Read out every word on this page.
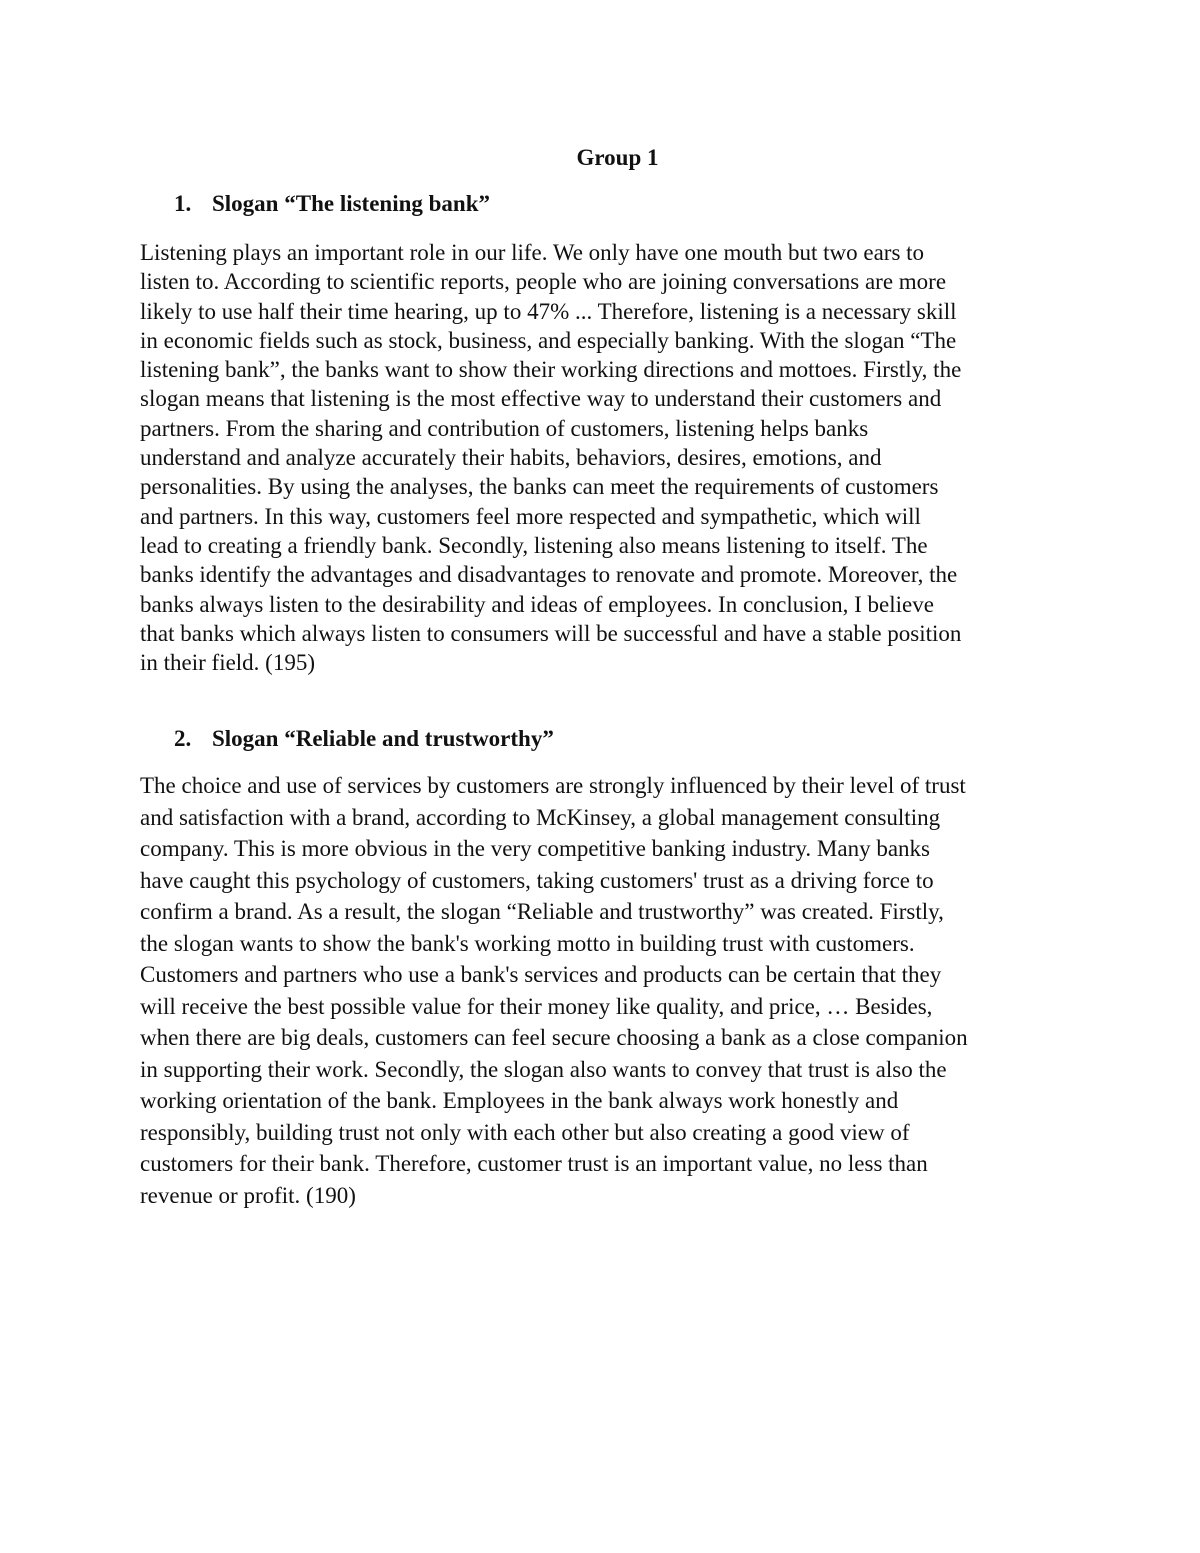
Group 1
1. Slogan “The listening bank”
Listening plays an important role in our life. We only have one mouth but two ears to
listen to. According to scientific reports, people who are joining conversations are more
likely to use half their time hearing, up to 47% ... Therefore, listening is a necessary skill
in economic fields such as stock, business, and especially banking. With the slogan “The
listening bank”, the banks want to show their working directions and mottoes. Firstly, the
slogan means that listening is the most effective way to understand their customers and
partners. From the sharing and contribution of customers, listening helps banks
understand and analyze accurately their habits, behaviors, desires, emotions, and
personalities. By using the analyses, the banks can meet the requirements of customers
and partners. In this way, customers feel more respected and sympathetic, which will
lead to creating a friendly bank. Secondly, listening also means listening to itself. The
banks identify the advantages and disadvantages to renovate and promote. Moreover, the
banks always listen to the desirability and ideas of employees. In conclusion, I believe
that banks which always listen to consumers will be successful and have a stable position
in their field. (195)
2. Slogan “Reliable and trustworthy”
The choice and use of services by customers are strongly influenced by their level of trust
and satisfaction with a brand, according to McKinsey, a global management consulting
company. This is more obvious in the very competitive banking industry. Many banks
have caught this psychology of customers, taking customers' trust as a driving force to
confirm a brand. As a result, the slogan “Reliable and trustworthy” was created. Firstly,
the slogan wants to show the bank's working motto in building trust with customers.
Customers and partners who use a bank's services and products can be certain that they
will receive the best possible value for their money like quality, and price, … Besides,
when there are big deals, customers can feel secure choosing a bank as a close companion
in supporting their work. Secondly, the slogan also wants to convey that trust is also the
working orientation of the bank. Employees in the bank always work honestly and
responsibly, building trust not only with each other but also creating a good view of
customers for their bank. Therefore, customer trust is an important value, no less than
revenue or profit. (190)
